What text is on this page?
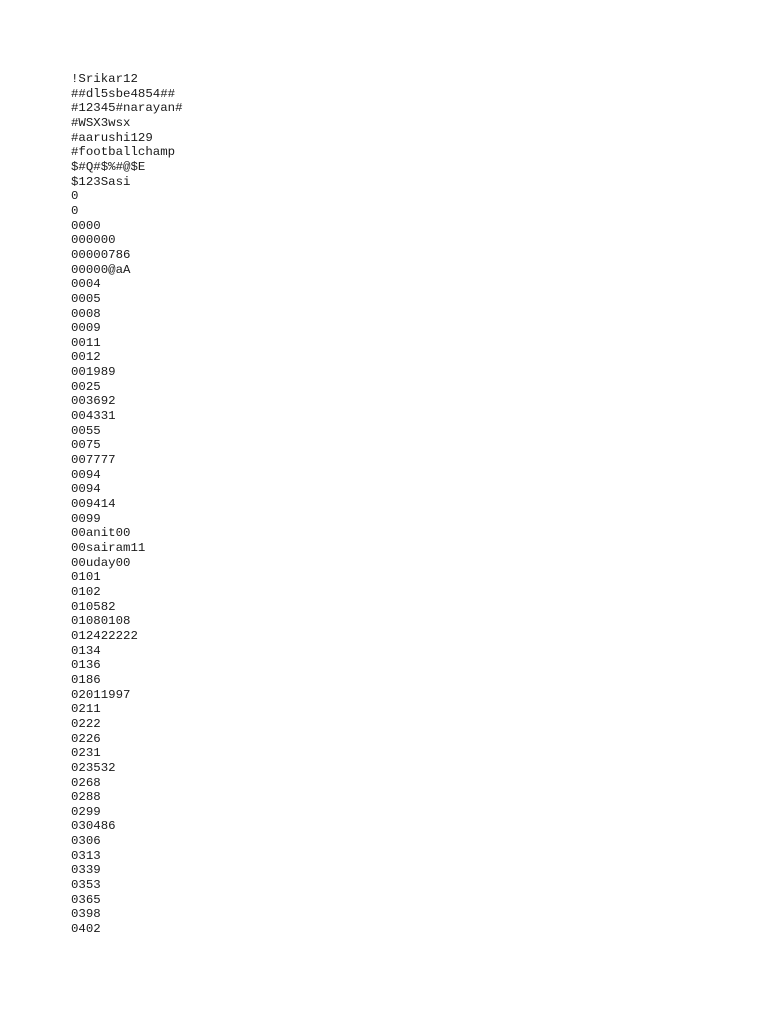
!Srikar12
##dl5sbe4854##
#12345#narayan#
#WSX3wsx
#aarushi129
#footballchamp
$#Q#$%#@$E
$123Sasi
0
0
0000
000000
00000786
00000@aA
0004
0005
0008
0009
0011
0012
001989
0025
003692
004331
0055
0075
007777
0094
0094
009414
0099
00anit00
00sairam11
00uday00
0101
0102
010582
01080108
012422222
0134
0136
0186
02011997
0211
0222
0226
0231
023532
0268
0288
0299
030486
0306
0313
0339
0353
0365
0398
0402
